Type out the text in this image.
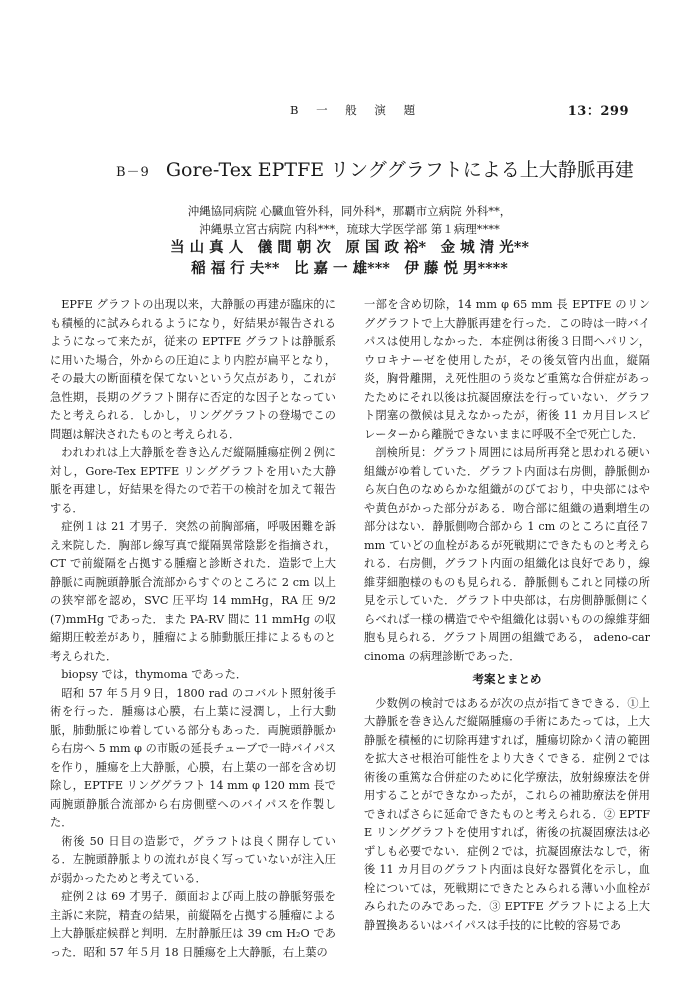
B 一 般 演 題	13：299
B－9 Gore-Tex EPTFE リンググラフトによる上大静脈再建
沖縄協同病院 心臓血管外科，同外科*，那覇市立病院 外科**，
沖縄県立宮古病院 内科***，琉球大学医学部 第１病理****
当 山 真 人　儀 間 朝 次　原 国 政 裕*　金 城 清 光**
稲 福 行 夫**　比 嘉 一 雄***　伊 藤 悦 男****

EPFE グラフトの出現以来，大静脈の再建が臨床的にも積極的に試みられるようになり，好結果が報告されるようになって来たが，従来の EPTFE グラフトは静脈系に用いた場合，外からの圧迫により内腔が扁平となり，その最大の断面積を保てないという欠点があり，これが急性期，長期のグラフト開存に否定的な因子となっていたと考えられる．しかし，リンググラフトの登場でこの問題は解決されたものと考えられる．

われわれは上大静脈を巻き込んだ縦隔腫瘍症例２例に対し，Gore-Tex EPTFE リンググラフトを用いた大静脈を再建し，好結果を得たので若干の検討を加えて報告する．

症例１は 21 才男子．突然の前胸部痛，呼吸困難を訴え来院した．胸部レ線写真で縦隔異常陰影を指摘され，CT で前縦隔を占拠する腫瘤と診断された．造影で上大静脈に両腕頭静脈合流部からすぐのところに 2 cm 以上の狭窄部を認め，SVC 圧平均 14 mmHg，RA 圧 9/2 (7)mmHg であった．また PA-RV 間に 11 mmHg の収縮期圧較差があり，腫瘤による肺動脈圧排によるものと考えられた．

biopsy では，thymoma であった．

昭和 57 年５月９日，1800 rad のコバルト照射後手術を行った．腫瘍は心膜，右上葉に浸潤し，上行大動脈，肺動脈にゆ着している部分もあった．両腕頭静脈から右房へ 5 mm φ の市販の延長チューブで一時バイパスを作り，腫瘍を上大静脈，心膜，右上葉の一部を含め切除し，EPTFE リンググラフト 14 mm φ 120 mm 長で両腕頭静脈合流部から右房側壁へのバイパスを作製した．

術後 50 日目の造影で，グラフトは良く開存している．左腕頭静脈よりの流れが良く写っていないが注入圧が弱かったためと考えている．

症例２は 69 才男子．顔面および両上肢の静脈努張を主訴に来院，精査の結果，前縦隔を占拠する腫瘤による上大静脈症候群と判明．左肘静脈圧は 39 cm H₂O であった．昭和 57 年５月 18 日腫瘍を上大静脈，右上葉の

一部を含め切除，14 mm φ 65 mm 長 EPTFE のリンググラフトで上大静脈再建を行った．この時は一時バイパスは使用しなかった．本症例は術後３日間へパリン，ウロキナーゼを使用したが，その後気管内出血，縦隔炎，胸骨離開，え死性胆のう炎など重篤な合併症があったためにそれ以後は抗凝固療法を行っていない．グラフト閉塞の徴候は見えなかったが，術後 11 カ月目レスピレーターから離脱できないままに呼吸不全で死亡した．

剖検所見：グラフト周囲には局所再発と思われる硬い組織がゆ着していた．グラフト内面は右房側，静脈側から灰白色のなめらかな組織がのびており，中央部にはやや黄色がかった部分がある．吻合部に組織の過剰増生の部分はない．静脈側吻合部から 1 cm のところに直径７mm ていどの血栓があるが死戦期にできたものと考えられる．右房側，グラフト内面の組織化は良好であり，線維芽細胞様のものも見られる．静脈側もこれと同様の所見を示していた．グラフト中央部は，右房側静脈側にくらべれば一様の構造でやや組織化は弱いものの線維芽細胞も見られる．グラフト周囲の組織である， adeno-carcinoma の病理診断であった．

考案とまとめ

少数例の検討ではあるが次の点が指てきできる．①上大静脈を巻き込んだ縦隔腫瘍の手術にあたっては，上大静脈を積極的に切除再建すれば，腫瘍切除かく清の範囲を拡大させ根治可能性をより大きくできる．症例２では術後の重篤な合併症のために化学療法，放射線療法を併用することができなかったが，これらの補助療法を併用できればさらに延命できたものと考えられる．② EPTFE リンググラフトを使用すれば，術後の抗凝固療法は必ずしも必要でない．症例２では，抗凝固療法なしで，術後 11 カ月目のグラフト内面は良好な器質化を示し，血栓については，死戦期にできたとみられる薄い小血栓がみられたのみであった．③ EPTFE グラフトによる上大静置換あるいはバイパスは手技的に比較的容易であ
